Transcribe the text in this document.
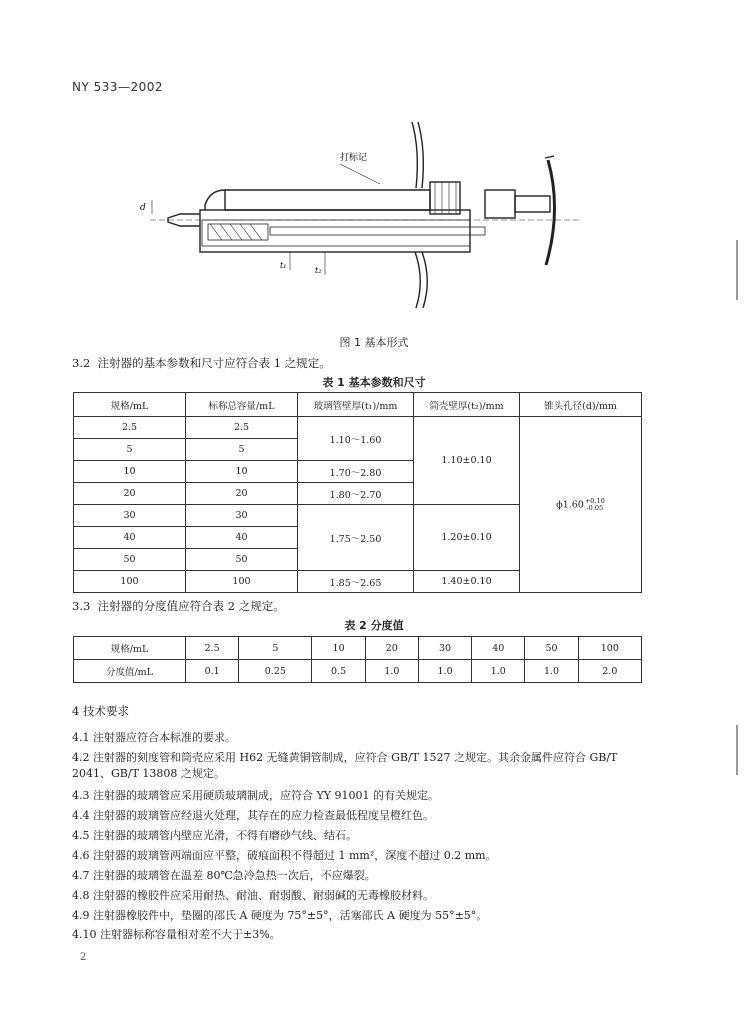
NY 533—2002
打标记
d
t₁
t₂
图 1 基本形式
3.2 注射器的基本参数和尺寸应符合表 1 之规定。
表 1 基本参数和尺寸
规格/mL	标称总容量/mL	玻璃管壁厚(t₁)/mm	筒壳壁厚(t₂)/mm	锥头孔径(d)/mm
2.5	2.5	1.10～1.60	1.10±0.10	ϕ1.60 +0.10
-0.05

5	5			
10	10	1.70～2.80		
20	20	1.80～2.70		
30	30	1.75～2.50	1.20±0.10	
40	40			
50	50			
100	100	1.85～2.65	1.40±0.10	
3.3 注射器的分度值应符合表 2 之规定。
表 2 分度值
规格/mL	2.5	5	10	20	30	40	50	100
分度值/mL	0.1	0.25	0.5	1.0	1.0	1.0	1.0	2.0
4 技术要求
4.1 注射器应符合本标准的要求。
4.2 注射器的刻度管和筒壳应采用 H62 无缝黄铜管制成，应符合 GB/T 1527 之规定。其余金属件应符合 GB/T 2041、GB/T 13808 之规定。
4.3 注射器的玻璃管应采用硬质玻璃制成，应符合 YY 91001 的有关规定。
4.4 注射器的玻璃管应经退火处理，其存在的应力检查最低程度呈橙红色。
4.5 注射器的玻璃管内壁应光滑，不得有磨砂气线、结石。
4.6 注射器的玻璃管两端面应平整，破痕面积不得超过 1 mm²，深度不超过 0.2 mm。
4.7 注射器的玻璃管在温差 80℃急冷急热一次后，不应爆裂。
4.8 注射器的橡胶件应采用耐热、耐油、耐弱酸、耐弱碱的无毒橡胶材料。
4.9 注射器橡胶件中，垫圈的邵氏 A 硬度为 75°±5°，活塞邵氏 A 硬度为 55°±5°。
4.10 注射器标称容量相对差不大于±3%。
2
